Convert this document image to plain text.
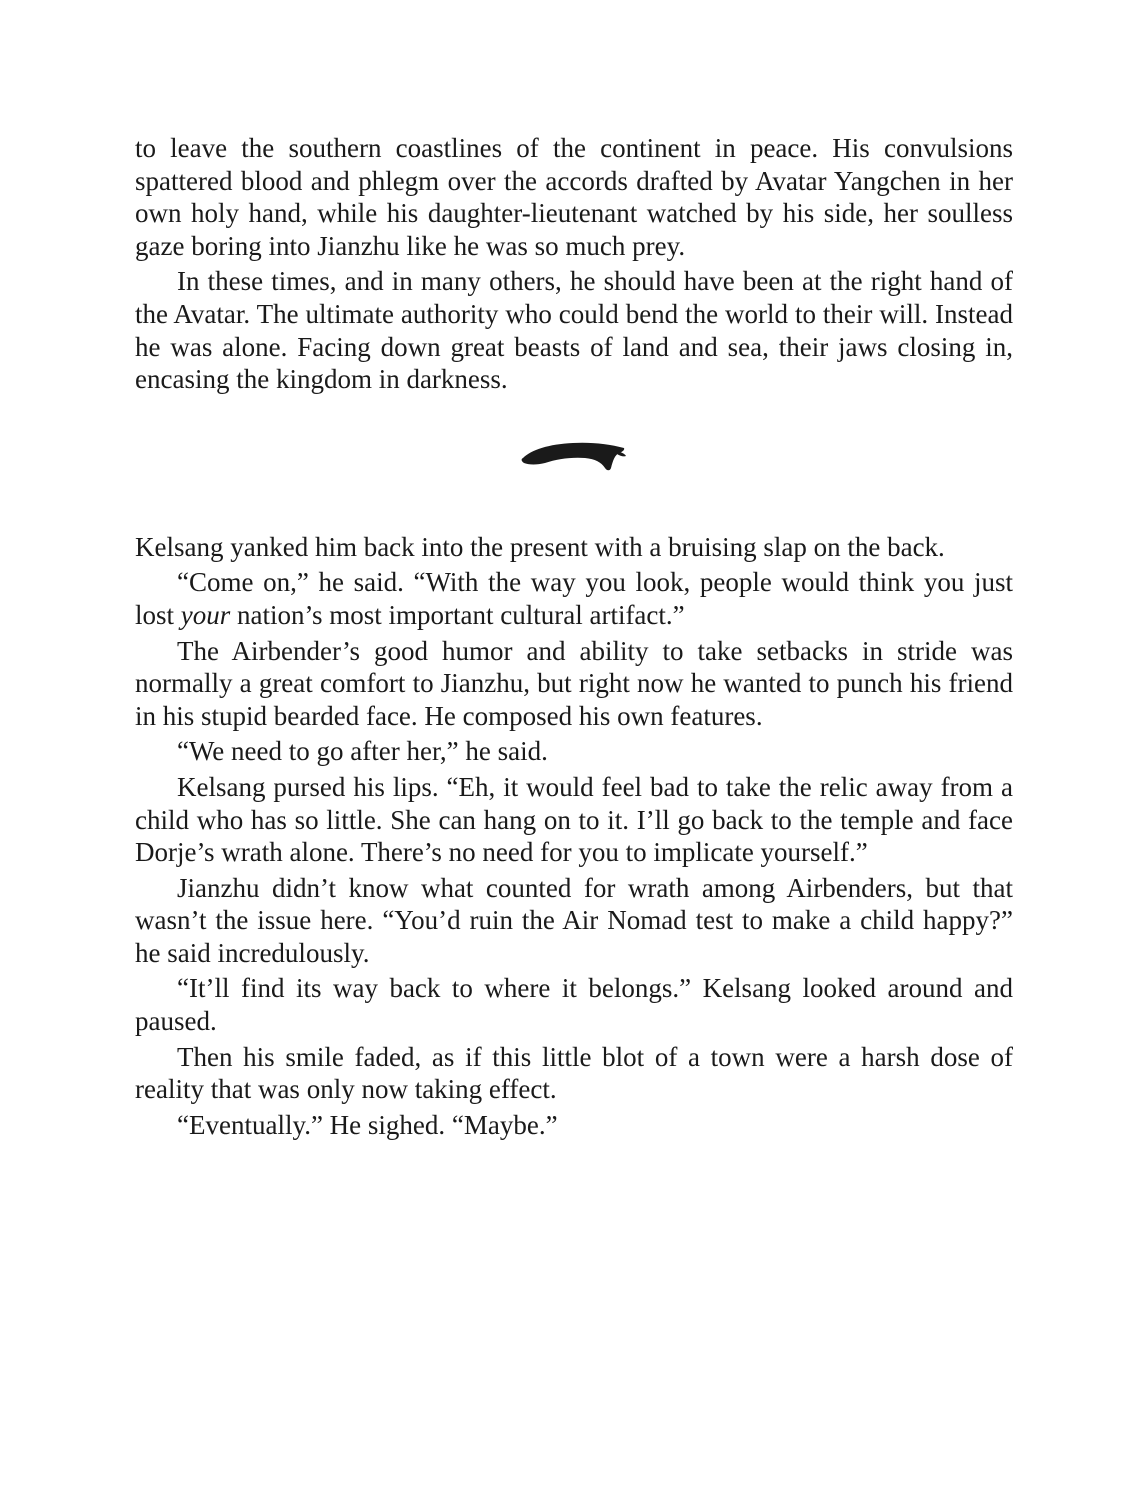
to leave the southern coastlines of the continent in peace. His convulsions spattered blood and phlegm over the accords drafted by Avatar Yangchen in her own holy hand, while his daughter-lieutenant watched by his side, her soulless gaze boring into Jianzhu like he was so much prey.

In these times, and in many others, he should have been at the right hand of the Avatar. The ultimate authority who could bend the world to their will. Instead he was alone. Facing down great beasts of land and sea, their jaws closing in, encasing the kingdom in darkness.

Kelsang yanked him back into the present with a bruising slap on the back.

“Come on,” he said. “With the way you look, people would think you just lost your nation’s most important cultural artifact.”

The Airbender’s good humor and ability to take setbacks in stride was normally a great comfort to Jianzhu, but right now he wanted to punch his friend in his stupid bearded face. He composed his own features.

“We need to go after her,” he said.

Kelsang pursed his lips. “Eh, it would feel bad to take the relic away from a child who has so little. She can hang on to it. I’ll go back to the temple and face Dorje’s wrath alone. There’s no need for you to implicate yourself.”

Jianzhu didn’t know what counted for wrath among Airbenders, but that wasn’t the issue here. “You’d ruin the Air Nomad test to make a child happy?” he said incredulously.

“It’ll find its way back to where it belongs.” Kelsang looked around and paused.

Then his smile faded, as if this little blot of a town were a harsh dose of reality that was only now taking effect.

“Eventually.” He sighed. “Maybe.”
